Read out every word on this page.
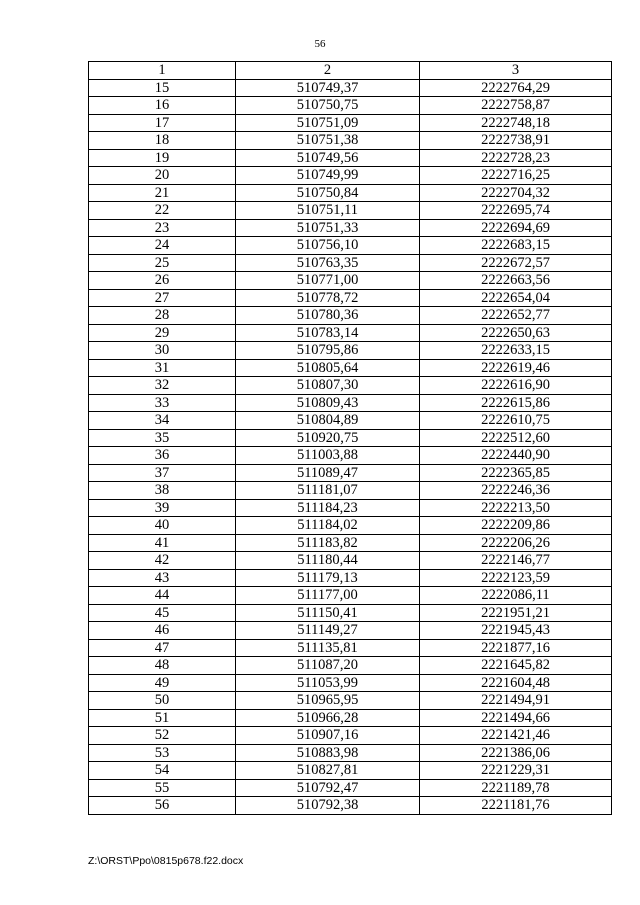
56
1	2	3
15	510749,37	2222764,29
16	510750,75	2222758,87
17	510751,09	2222748,18
18	510751,38	2222738,91
19	510749,56	2222728,23
20	510749,99	2222716,25
21	510750,84	2222704,32
22	510751,11	2222695,74
23	510751,33	2222694,69
24	510756,10	2222683,15
25	510763,35	2222672,57
26	510771,00	2222663,56
27	510778,72	2222654,04
28	510780,36	2222652,77
29	510783,14	2222650,63
30	510795,86	2222633,15
31	510805,64	2222619,46
32	510807,30	2222616,90
33	510809,43	2222615,86
34	510804,89	2222610,75
35	510920,75	2222512,60
36	511003,88	2222440,90
37	511089,47	2222365,85
38	511181,07	2222246,36
39	511184,23	2222213,50
40	511184,02	2222209,86
41	511183,82	2222206,26
42	511180,44	2222146,77
43	511179,13	2222123,59
44	511177,00	2222086,11
45	511150,41	2221951,21
46	511149,27	2221945,43
47	511135,81	2221877,16
48	511087,20	2221645,82
49	511053,99	2221604,48
50	510965,95	2221494,91
51	510966,28	2221494,66
52	510907,16	2221421,46
53	510883,98	2221386,06
54	510827,81	2221229,31
55	510792,47	2221189,78
56	510792,38	2221181,76
Z:\ORST\Ppo\0815p678.f22.docx
